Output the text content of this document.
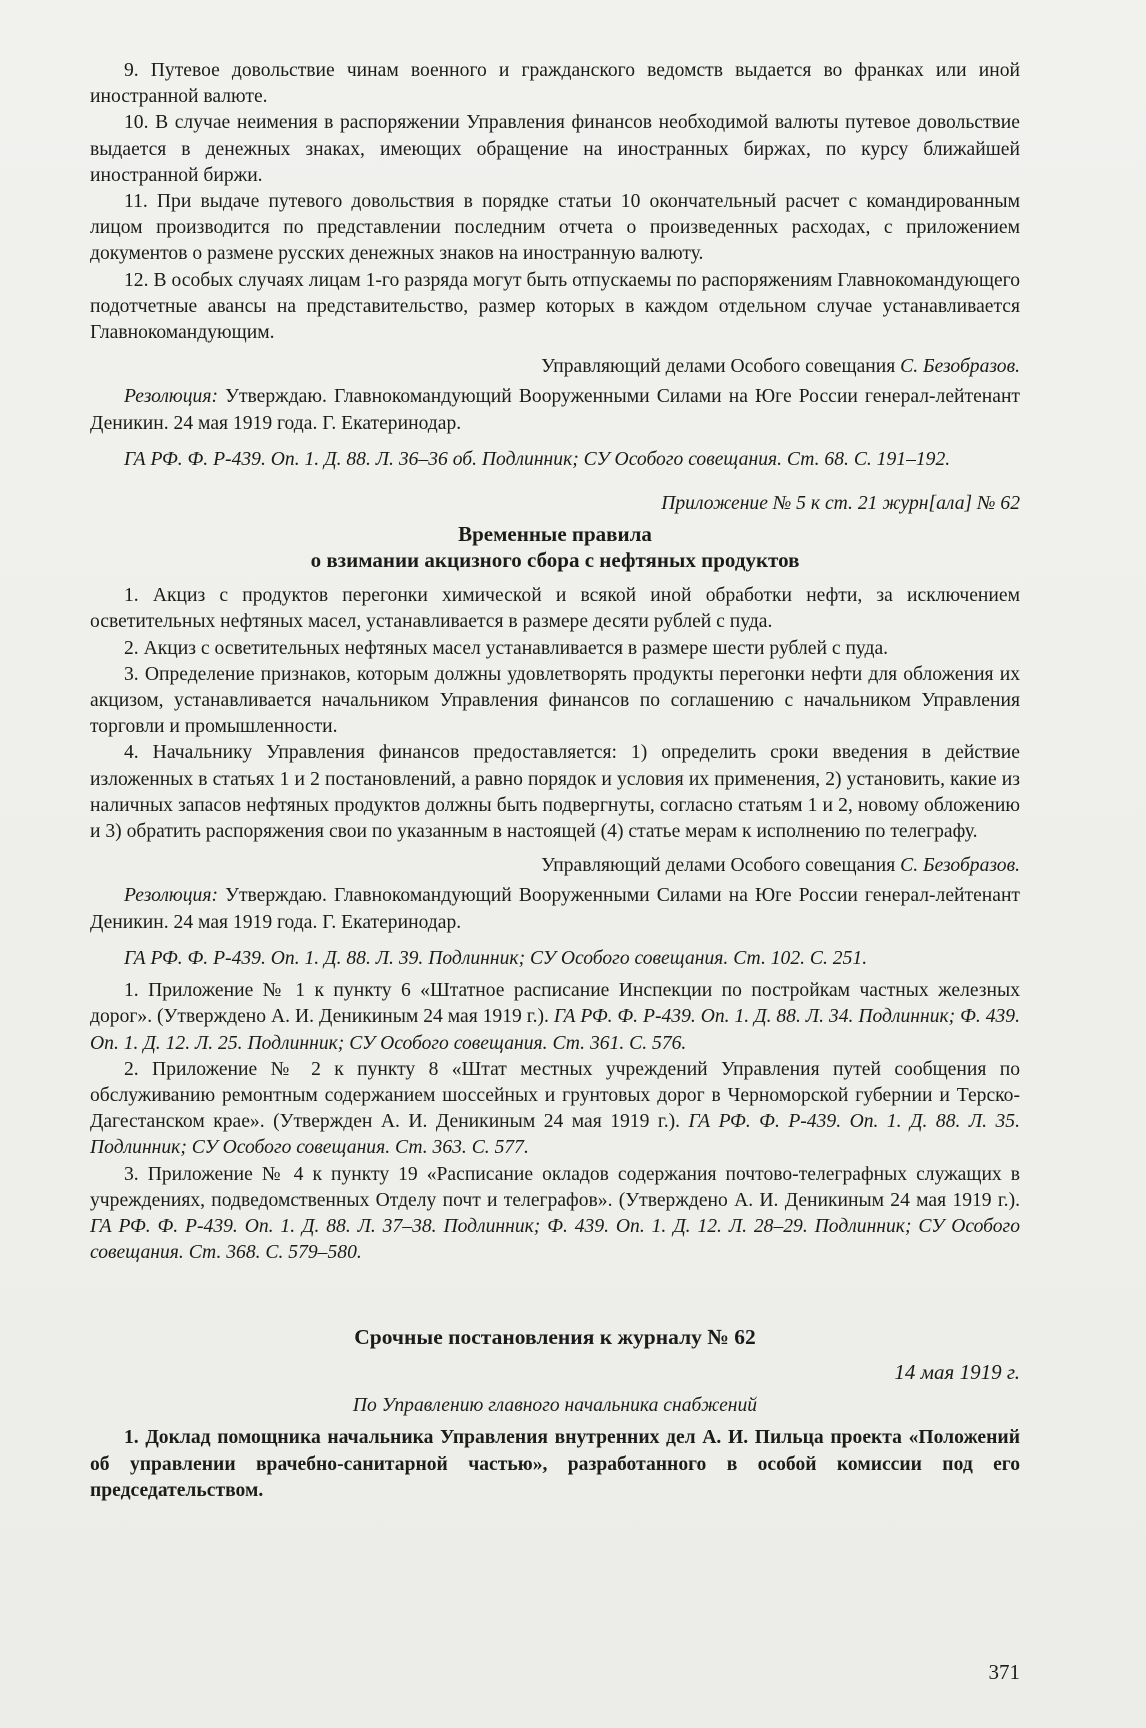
9. Путевое довольствие чинам военного и гражданского ведомств выдается во франках или иной иностранной валюте.

10. В случае неимения в распоряжении Управления финансов необходимой валюты путевое довольствие выдается в денежных знаках, имеющих обращение на иностранных биржах, по курсу ближайшей иностранной биржи.

11. При выдаче путевого довольствия в порядке статьи 10 окончательный расчет с командированным лицом производится по представлении последним отчета о произведенных расходах, с приложением документов о размене русских денежных знаков на иностранную валюту.

12. В особых случаях лицам 1-го разряда могут быть отпускаемы по распоряжениям Главнокомандующего подотчетные авансы на представительство, размер которых в каждом отдельном случае устанавливается Главнокомандующим.

Управляющий делами Особого совещания С. Безобразов.

Резолюция: Утверждаю. Главнокомандующий Вооруженными Силами на Юге России генерал-лейтенант Деникин. 24 мая 1919 года. Г. Екатеринодар.

ГА РФ. Ф. Р-439. Оп. 1. Д. 88. Л. 36–36 об. Подлинник; СУ Особого совещания. Ст. 68. С. 191–192.

Приложение № 5 к ст. 21 журн[ала] № 62

Временные правила

о взимании акцизного сбора с нефтяных продуктов

1. Акциз с продуктов перегонки химической и всякой иной обработки нефти, за исключением осветительных нефтяных масел, устанавливается в размере десяти рублей с пуда.

2. Акциз с осветительных нефтяных масел устанавливается в размере шести рублей с пуда.

3. Определение признаков, которым должны удовлетворять продукты перегонки нефти для обложения их акцизом, устанавливается начальником Управления финансов по соглашению с начальником Управления торговли и промышленности.

4. Начальнику Управления финансов предоставляется: 1) определить сроки введения в действие изложенных в статьях 1 и 2 постановлений, а равно порядок и условия их применения, 2) установить, какие из наличных запасов нефтяных продуктов должны быть подвергнуты, согласно статьям 1 и 2, новому обложению и 3) обратить распоряжения свои по указанным в настоящей (4) статье мерам к исполнению по телеграфу.

Управляющий делами Особого совещания С. Безобразов.

Резолюция: Утверждаю. Главнокомандующий Вооруженными Силами на Юге России генерал-лейтенант Деникин. 24 мая 1919 года. Г. Екатеринодар.

ГА РФ. Ф. Р-439. Оп. 1. Д. 88. Л. 39. Подлинник; СУ Особого совещания. Ст. 102. С. 251.

1. Приложение № 1 к пункту 6 «Штатное расписание Инспекции по постройкам частных железных дорог». (Утверждено А. И. Деникиным 24 мая 1919 г.). ГА РФ. Ф. Р-439. Оп. 1. Д. 88. Л. 34. Подлинник; Ф. 439. Оп. 1. Д. 12. Л. 25. Подлинник; СУ Особого совещания. Ст. 361. С. 576.

2. Приложение № 2 к пункту 8 «Штат местных учреждений Управления путей сообщения по обслуживанию ремонтным содержанием шоссейных и грунтовых дорог в Черноморской губернии и Терско-Дагестанском крае». (Утвержден А. И. Деникиным 24 мая 1919 г.). ГА РФ. Ф. Р-439. Оп. 1. Д. 88. Л. 35. Подлинник; СУ Особого совещания. Ст. 363. С. 577.

3. Приложение № 4 к пункту 19 «Расписание окладов содержания почтово-телеграфных служащих в учреждениях, подведомственных Отделу почт и телеграфов». (Утверждено А. И. Деникиным 24 мая 1919 г.). ГА РФ. Ф. Р-439. Оп. 1. Д. 88. Л. 37–38. Подлинник; Ф. 439. Оп. 1. Д. 12. Л. 28–29. Подлинник; СУ Особого совещания. Ст. 368. С. 579–580.

Срочные постановления к журналу № 62

14 мая 1919 г.

По Управлению главного начальника снабжений

1. Доклад помощника начальника Управления внутренних дел А. И. Пильца проекта «Положений об управлении врачебно-санитарной частью», разработанного в особой комиссии под его председательством.

371
